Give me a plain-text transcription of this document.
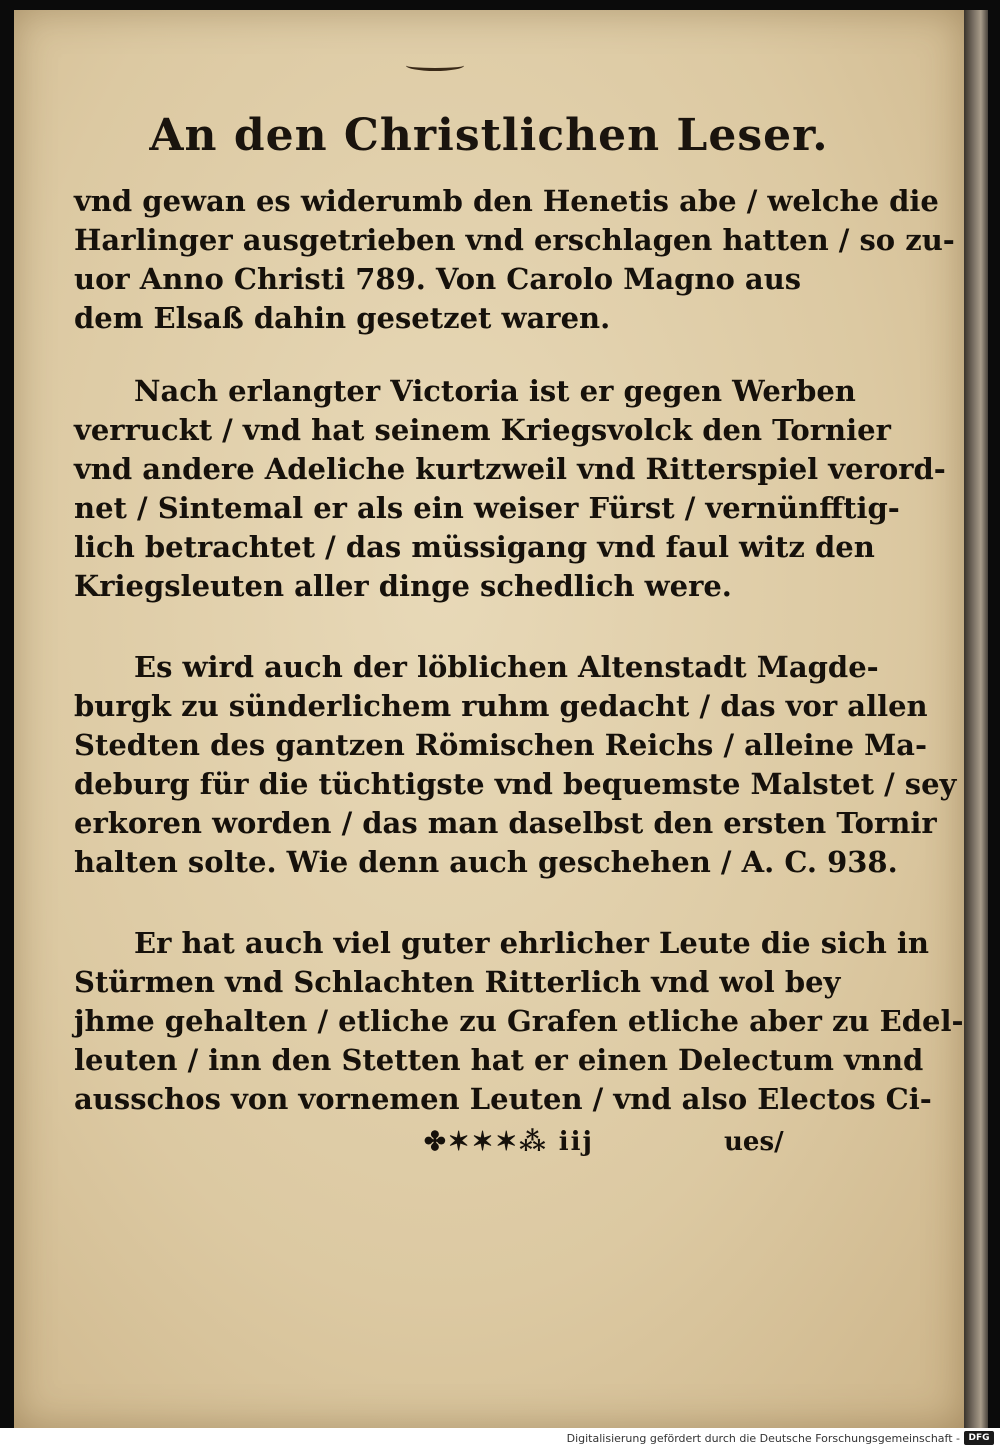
An den Christlichen Leser.
vnd gewan es widerumb den Henetis abe / welche die
Harlinger ausgetrieben vnd erschlagen hatten / so zu-
uor Anno Christi 789. Von Carolo Magno aus
dem Elsaß dahin gesetzet waren.
Nach erlangter Victoria ist er gegen Werben
verruckt / vnd hat seinem Kriegsvolck den Tornier
vnd andere Adeliche kurtzweil vnd Ritterspiel verord-
net / Sintemal er als ein weiser Fürst / vernünfftig-
lich betrachtet / das müssigang vnd faul witz den
Kriegsleuten aller dinge schedlich were.
Es wird auch der löblichen Altenstadt Magde-
burgk zu sünderlichem ruhm gedacht / das vor allen
Stedten des gantzen Römischen Reichs / alleine Ma-
deburg für die tüchtigste vnd bequemste Malstet / sey
erkoren worden / das man daselbst den ersten Tornir
halten solte. Wie denn auch geschehen / A. C. 938.
Er hat auch viel guter ehrlicher Leute die sich in
Stürmen vnd Schlachten Ritterlich vnd wol bey
jhme gehalten / etliche zu Grafen etliche aber zu Edel-
leuten / inn den Stetten hat er einen Delectum vnnd
ausschos von vornemen Leuten / vnd also Electos Ci-
✤✶✶✶⁂ iij	ues/
Digitalisierung gefördert durch die Deutsche Forschungsgemeinschaft - DFG
